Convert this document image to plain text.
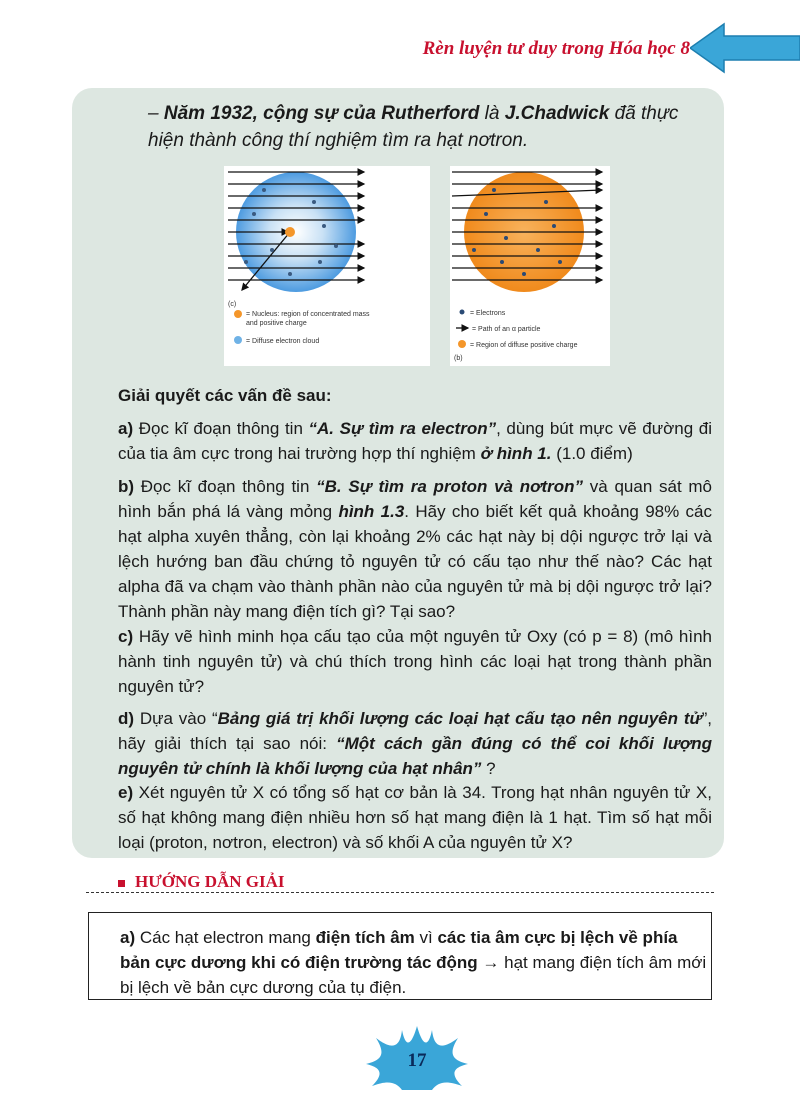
Rèn luyện tư duy trong Hóa học 8
– Năm 1932, cộng sự của Rutherford là J.Chadwick đã thực hiện thành công thí nghiệm tìm ra hạt nơtron.
= Nucleus: region of concentrated mass
and positive charge
= Diffuse electron cloud
(c)
= Electrons
= Path of an α particle
= Region of diffuse positive charge
(b)
Giải quyết các vấn đề sau:
a) Đọc kĩ đoạn thông tin “A. Sự tìm ra electron”, dùng bút mực vẽ đường đi của tia âm cực trong hai trường hợp thí nghiệm ở hình 1. (1.0 điểm)
b) Đọc kĩ đoạn thông tin “B. Sự tìm ra proton và nơtron” và quan sát mô hình bắn phá lá vàng mỏng hình 1.3. Hãy cho biết kết quả khoảng 98% các hạt alpha xuyên thẳng, còn lại khoảng 2% các hạt này bị dội ngược trở lại và lệch hướng ban đầu chứng tỏ nguyên tử có cấu tạo như thế nào? Các hạt alpha đã va chạm vào thành phần nào của nguyên tử mà bị dội ngược trở lại? Thành phần này mang điện tích gì? Tại sao?
c) Hãy vẽ hình minh họa cấu tạo của một nguyên tử Oxy (có p = 8) (mô hình hành tinh nguyên tử) và chú thích trong hình các loại hạt trong thành phần nguyên tử?
d) Dựa vào “Bảng giá trị khối lượng các loại hạt cấu tạo nên nguyên tử”, hãy giải thích tại sao nói: “Một cách gần đúng có thể coi khối lượng nguyên tử chính là khối lượng của hạt nhân” ?
e) Xét nguyên tử X có tổng số hạt cơ bản là 34. Trong hạt nhân nguyên tử X, số hạt không mang điện nhiều hơn số hạt mang điện là 1 hạt. Tìm số hạt mỗi loại (proton, nơtron, electron) và số khối A của nguyên tử X?
HƯỚNG DẪN GIẢI
a) Các hạt electron mang điện tích âm vì các tia âm cực bị lệch về phía bản cực dương khi có điện trường tác động → hạt mang điện tích âm mới bị lệch về bản cực dương của tụ điện.
17
